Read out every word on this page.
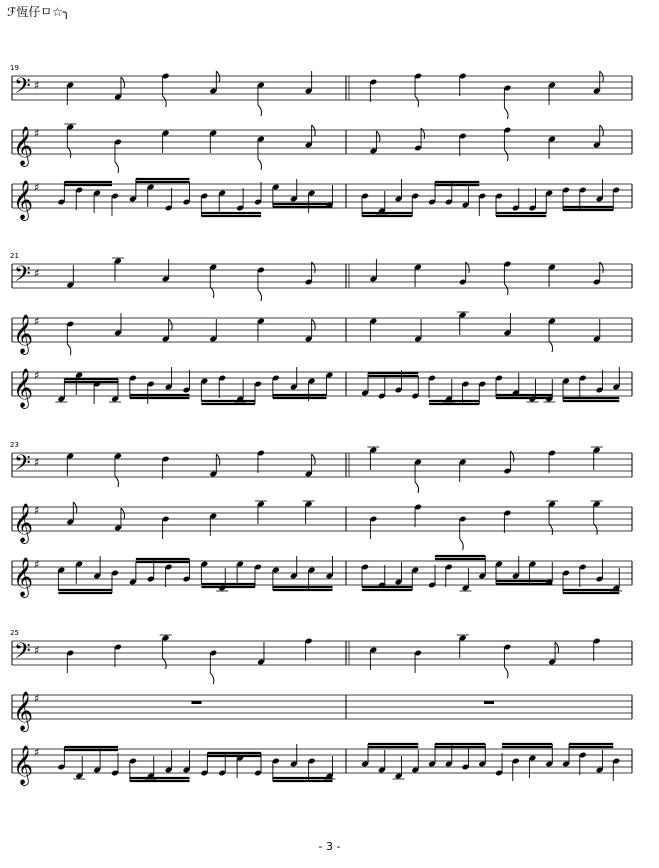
ℱ恆仔ㅁ☆╮
19
𝄢 ♯
𝄞 ♯
𝄞 ♯
21
𝄢 ♯
𝄞 ♯
𝄞 ♯
23
𝄢 ♯
𝄞 ♯
𝄞 ♯
25
𝄢 ♯
𝄞 ♯
𝄞 ♯
- 3 -
